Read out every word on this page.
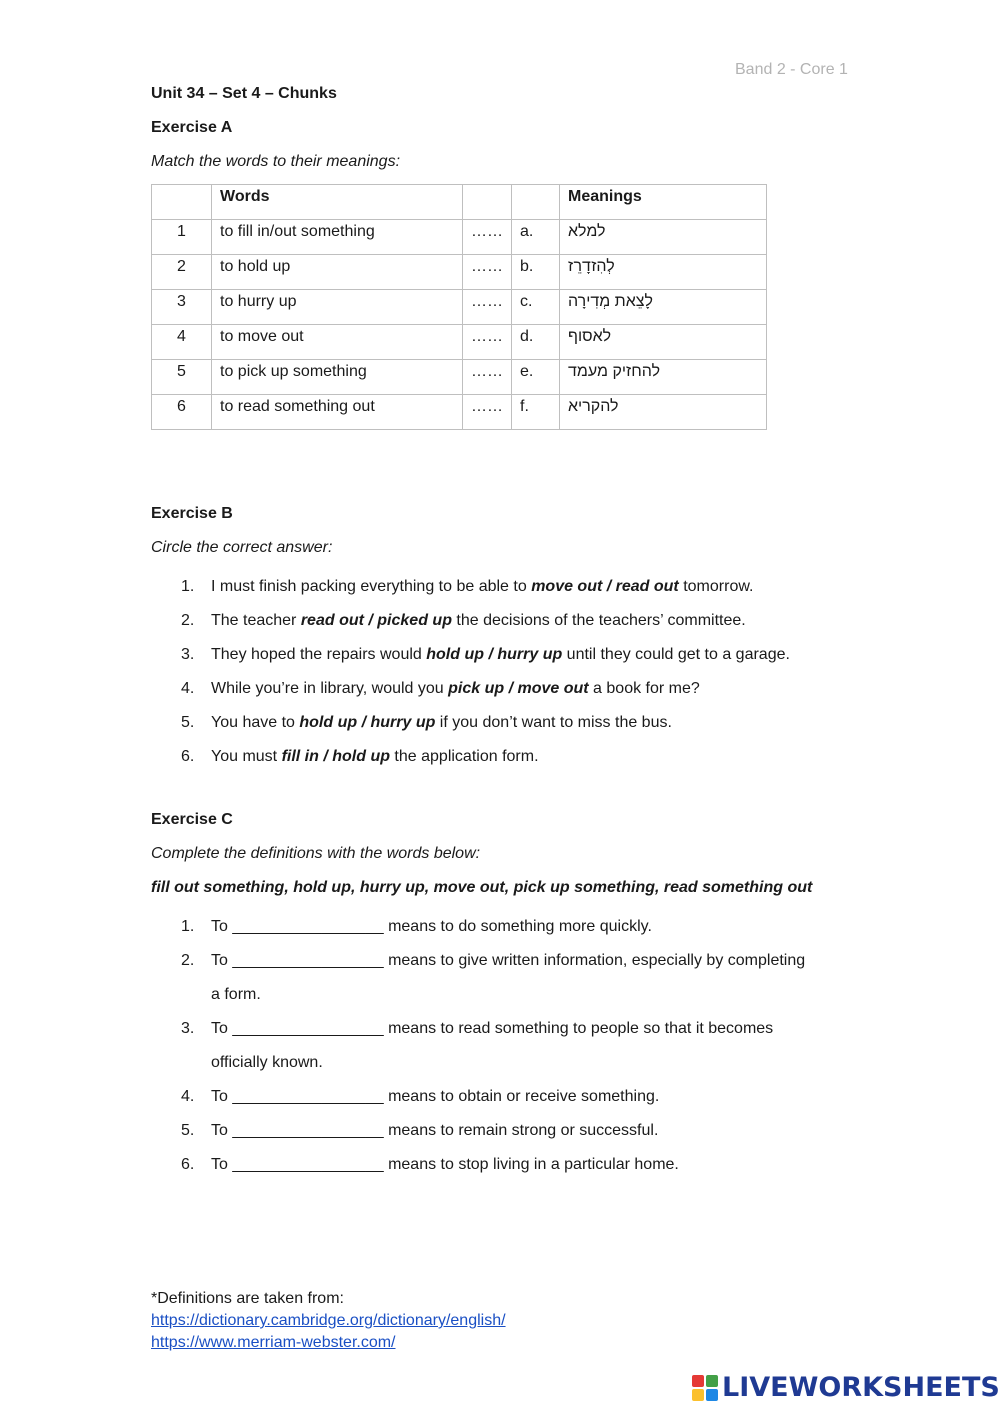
Band 2 - Core 1
Unit 34 – Set 4 – Chunks
Exercise A
Match the words to their meanings:
	Words			Meanings
1	to fill in/out something	……	a.	למלא
2	to hold up	……	b.	לְהִזדָרֵז
3	to hurry up	……	c.	לָצֵאת מְדִירָה
4	to move out	……	d.	לאסוף
5	to pick up something	……	e.	להחזיק מעמד
6	to read something out	……	f.	להקריא
Exercise B
Circle the correct answer:
1. I must finish packing everything to be able to move out / read out tomorrow.
2. The teacher read out / picked up the decisions of the teachers’ committee.
3. They hoped the repairs would hold up / hurry up until they could get to a garage.
4. While you’re in library, would you pick up / move out a book for me?
5. You have to hold up / hurry up if you don’t want to miss the bus.
6. You must fill in / hold up the application form.
Exercise C
Complete the definitions with the words below:
fill out something, hold up, hurry up, move out, pick up something, read something out
1. To _________________ means to do something more quickly.
2. To _________________ means to give written information, especially by completing
a form.
3. To _________________ means to read something to people so that it becomes
officially known.
4. To _________________ means to obtain or receive something.
5. To _________________ means to remain strong or successful.
6. To _________________ means to stop living in a particular home.
*Definitions are taken from:
https://dictionary.cambridge.org/dictionary/english/
https://www.merriam-webster.com/
LIVEWORKSHEETS
